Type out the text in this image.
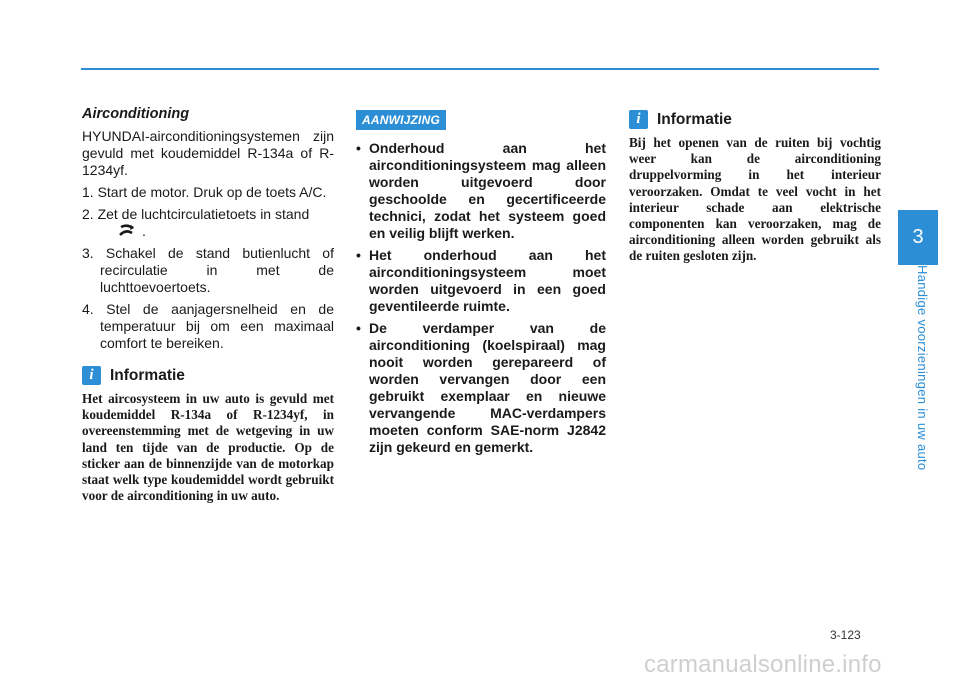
Airconditioning

HYUNDAI-airconditioningsystemen zijn gevuld met koudemiddel R-134a of R-1234yf.

1. Start de motor. Druk op de toets A/C.
2. Zet de luchtcirculatietoets in stand
.
3. Schakel de stand butienlucht of recirculatie in met de luchttoevoertoets.
4. Stel de aanjagersnelheid en de temperatuur bij om een maximaal comfort te bereiken.
i	Informatie

Het aircosysteem in uw auto is gevuld met koudemiddel R-134a of R-1234yf, in overeenstemming met de wetgeving in uw land ten tijde van de productie. Op de sticker aan de binnenzijde van de motorkap staat welk type koudemiddel wordt gebruikt voor de airconditioning in uw auto.

AANWIJZING
• Onderhoud aan het airconditioningsysteem mag alleen worden uitgevoerd door geschoolde en gecertificeerde technici, zodat het systeem goed en veilig blijft werken.
• Het onderhoud aan het airconditioningsysteem moet worden uitgevoerd in een goed geventileerde ruimte.
• De verdamper van de airconditioning (koelspiraal) mag nooit worden gerepareerd of worden vervangen door een gebruikt exemplaar en nieuwe vervangende MAC-verdampers moeten conform SAE-norm J2842 zijn gekeurd en gemerkt.
i	Informatie

Bij het openen van de ruiten bij vochtig weer kan de airconditioning druppelvorming in het interieur veroorzaken. Omdat te veel vocht in het interieur schade aan elektrische componenten kan veroorzaken, mag de airconditioning alleen worden gebruikt als de ruiten gesloten zijn.

3
Handige voorzieningen in uw auto
3-123
carmanualsonline.info
